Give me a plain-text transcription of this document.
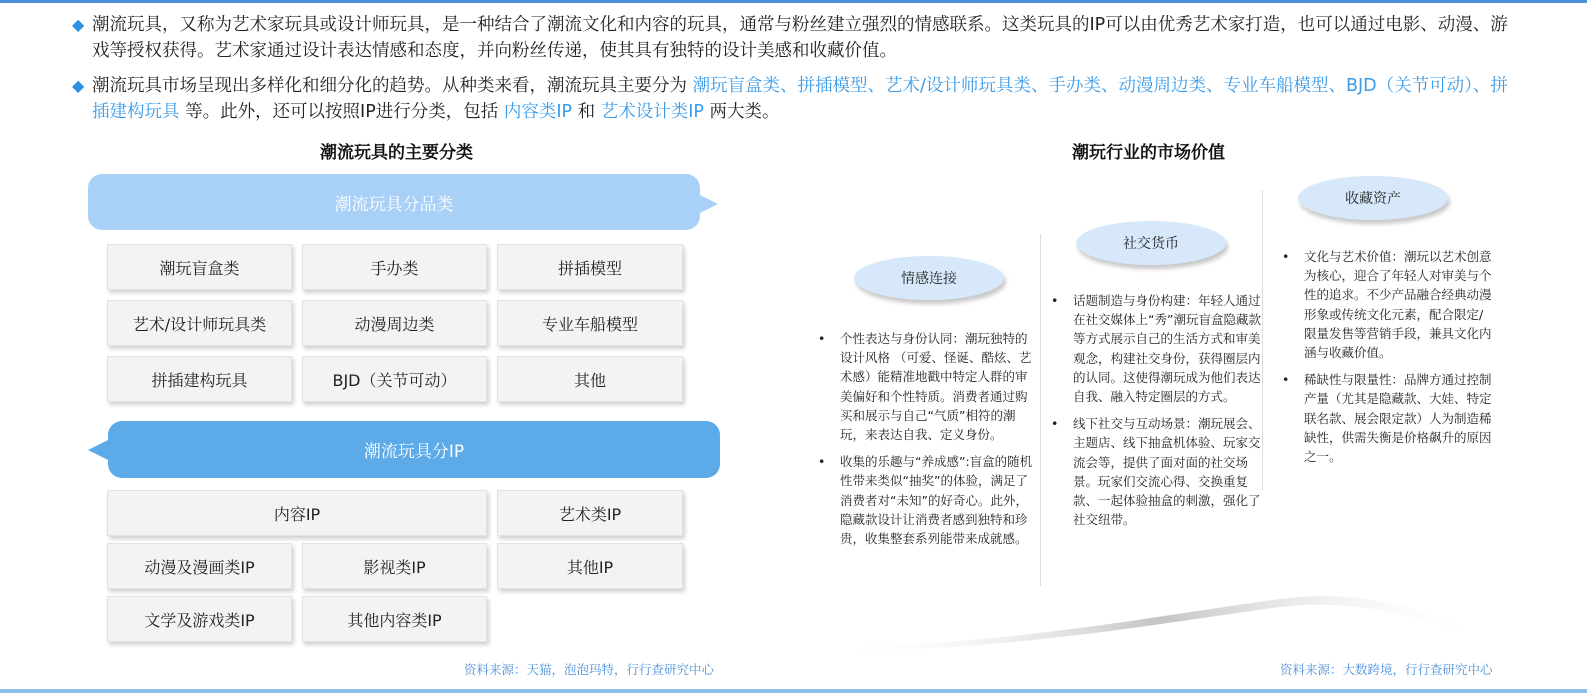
◆ 潮流玩具，又称为艺术家玩具或设计师玩具，是一种结合了潮流文化和内容的玩具，通常与粉丝建立强烈的情感联系。这类玩具的IP可以由优秀艺术家打造，也可以通过电影、动漫、游戏等授权获得。艺术家通过设计表达情感和态度，并向粉丝传递，使其具有独特的设计美感和收藏价值。
◆ 潮流玩具市场呈现出多样化和细分化的趋势。从种类来看，潮流玩具主要分为 潮玩盲盒类、拼插模型、艺术/设计师玩具类、手办类、动漫周边类、专业车船模型、BJD（关节可动）、拼插建构玩具 等。此外，还可以按照IP进行分类，包括 内容类IP 和 艺术设计类IP 两大类。
潮流玩具的主要分类
潮流玩具分品类
潮玩盲盒类	手办类	拼插模型
艺术/设计师玩具类	动漫周边类	专业车船模型
拼插建构玩具	BJD（关节可动）	其他
潮流玩具分IP
内容IP	艺术类IP
动漫及漫画类IP	影视类IP	其他IP
文学及游戏类IP	其他内容类IP
资料来源：天猫，泡泡玛特，行行查研究中心
潮玩行业的市场价值
情感连接
• 个性表达与身份认同：潮玩独特的设计风格 （可爱、怪诞、酷炫、艺术感）能精准地戳中特定人群的审美偏好和个性特质。消费者通过购买和展示与自己“气质”相符的潮玩，来表达自我、定义身份。
• 收集的乐趣与“养成感”:盲盒的随机性带来类似“抽奖”的体验，满足了消费者对“未知”的好奇心。此外，隐藏款设计让消费者感到独特和珍贵，收集整套系列能带来成就感。
社交货币
• 话题制造与身份构建：年轻人通过在社交媒体上“秀”潮玩盲盒隐藏款等方式展示自己的生活方式和审美观念，构建社交身份，获得圈层内的认同。这使得潮玩成为他们表达自我、融入特定圈层的方式。
• 线下社交与互动场景：潮玩展会、主题店、线下抽盒机体验、玩家交流会等，提供了面对面的社交场景。玩家们交流心得、交换重复款、一起体验抽盒的刺激，强化了社交纽带。
收藏资产
• 文化与艺术价值：潮玩以艺术创意为核心，迎合了年轻人对审美与个性的追求。不少产品融合经典动漫形象或传统文化元素，配合限定/限量发售等营销手段，兼具文化内涵与收藏价值。
• 稀缺性与限量性：品牌方通过控制产量（尤其是隐藏款、大娃、特定联名款、展会限定款）人为制造稀缺性，供需失衡是价格飙升的原因之一。
资料来源：大数跨境，行行查研究中心
